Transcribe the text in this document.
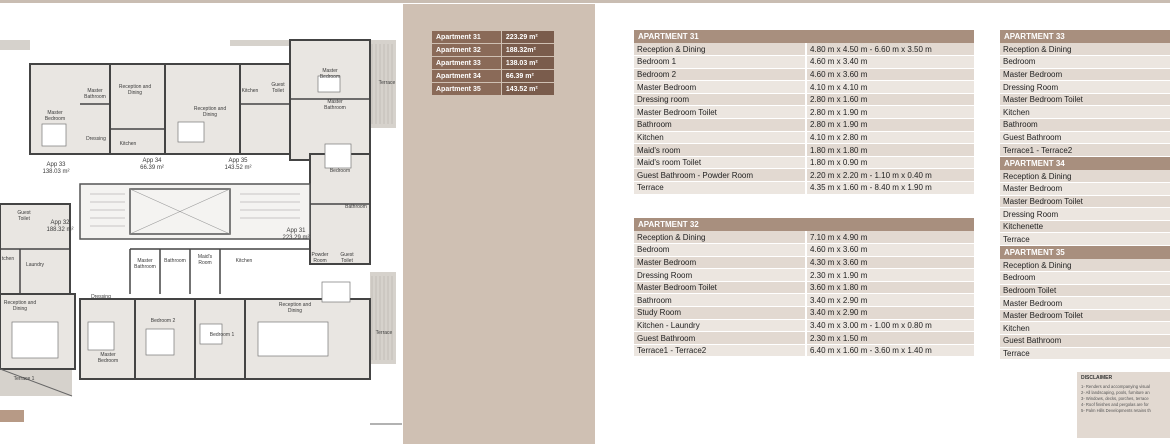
Master
Bedroom
Terrace
Guest
Toilet
Kitchen
Reception and
Dining
Master
Bathroom
Reception and
Dining
Master
Bathroom
Master
Bedroom
Dressing
Kitchen
App 33
138.03 m²
App 34
66.39 m²
App 35
143.52 m²	Bedroom
Bathroom
Guest
Toilet
App 32
188.32 m²	App 31
223.29 m²
Master
Bathroom
Bathroom
Maid's
Room	Kitchen
Powder
Room
Guest
Toilet
tchen
Laundry
Dressing
Reception and
Dining
Reception and
Dining
Bedroom 2
Bedroom 1	Terrace
Master
Bedroom
Terrace 1
Apartment 31	223.29 m²
Apartment 32	188.32m²
Apartment 33	138.03 m²
Apartment 34	66.39 m²
Apartment 35	143.52 m²
APARTMENT 31	
Reception & Dining	4.80 m x 4.50 m - 6.60 m x 3.50 m
Bedroom 1	4.60 m x 3.40 m
Bedroom 2	4.60 m x 3.60 m
Master Bedroom	4.10 m x 4.10 m
Dressing room	2.80 m x 1.60 m
Master Bedroom Toilet	2.80 m x 1.90 m
Bathroom	2.80 m x 1.90 m
Kitchen	4.10 m x 2.80 m
Maid's room	1.80 m x 1.80 m
Maid's room Toilet	1.80 m x 0.90 m
Guest Bathroom - Powder Room	2.20 m x 2.20 m - 1.10 m x 0.40 m
Terrace	4.35 m x 1.60 m - 8.40 m x 1.90 m
APARTMENT 32	
Reception & Dining	7.10 m x 4.90 m
Bedroom	4.60 m x 3.60 m
Master Bedroom	4.30 m x 3.60 m
Dressing Room	2.30 m x 1.90 m
Master Bedroom Toilet	3.60 m x 1.80 m
Bathroom	3.40 m x 2.90 m
Study Room	3.40 m x 2.90 m
Kitchen - Laundry	3.40 m x 3.00 m - 1.00 m x 0.80 m
Guest Bathroom	2.30 m x 1.50 m
Terrace1 - Terrace2	6.40 m x 1.60 m - 3.60 m x 1.40 m
APARTMENT 33
Reception & Dining
Bedroom
Master Bedroom
Dressing Room
Master Bedroom Toilet
Kitchen
Bathroom
Guest Bathroom
Terrace1 - Terrace2
APARTMENT 34
Reception & Dining
Master Bedroom
Master Bedroom Toilet
Dressing Room
Kitchenette
Terrace
APARTMENT 35
Reception & Dining
Bedroom
Bedroom Toilet
Master Bedroom
Master Bedroom Toilet
Kitchen
Guest Bathroom
Terrace
DISCLAIMER
1- Renders and accompanying visual
2- All landscaping, pools, furniture an
3- Windows, decks, porches, terrace
4- Roof finishes and pergolas are for
5- Palm Hills Developments retains th
